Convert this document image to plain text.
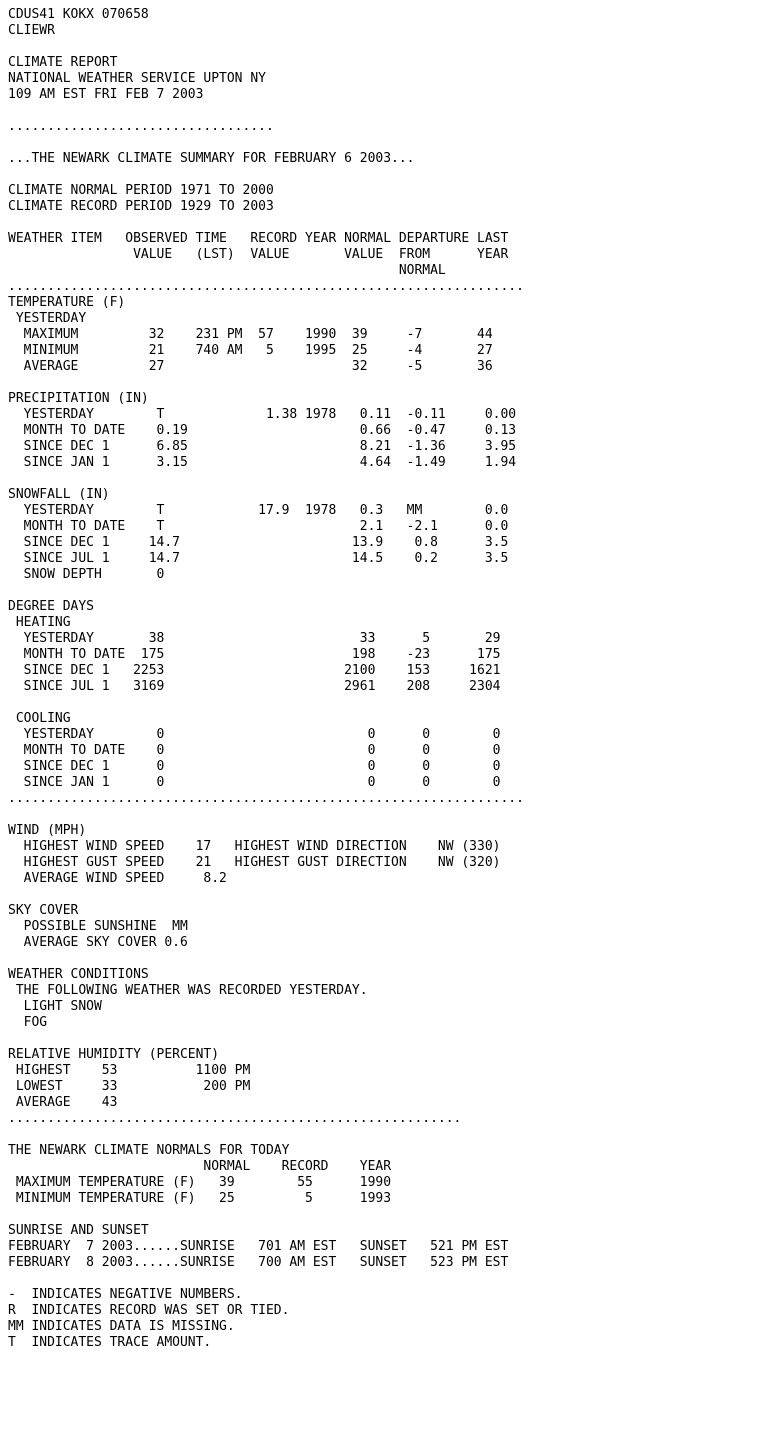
CDUS41 KOKX 070658
CLIEWR
CLIMATE REPORT
NATIONAL WEATHER SERVICE UPTON NY
109 AM EST FRI FEB 7 2003
..................................
...THE NEWARK CLIMATE SUMMARY FOR FEBRUARY 6 2003...
CLIMATE NORMAL PERIOD 1971 TO 2000
CLIMATE RECORD PERIOD 1929 TO 2003
WEATHER ITEM   OBSERVED TIME   RECORD YEAR NORMAL DEPARTURE LAST
VALUE   (LST)  VALUE       VALUE  FROM      YEAR
NORMAL
..................................................................
TEMPERATURE (F)
YESTERDAY
MAXIMUM         32    231 PM  57    1990  39     -7       44
MINIMUM         21    740 AM   5    1995  25     -4       27
AVERAGE         27                        32     -5       36
PRECIPITATION (IN)
YESTERDAY        T             1.38 1978   0.11  -0.11     0.00
MONTH TO DATE    0.19                      0.66  -0.47     0.13
SINCE DEC 1      6.85                      8.21  -1.36     3.95
SINCE JAN 1      3.15                      4.64  -1.49     1.94
SNOWFALL (IN)
YESTERDAY        T            17.9  1978   0.3   MM        0.0
MONTH TO DATE    T                         2.1   -2.1      0.0
SINCE DEC 1     14.7                      13.9    0.8      3.5
SINCE JUL 1     14.7                      14.5    0.2      3.5
SNOW DEPTH       0
DEGREE DAYS
HEATING
YESTERDAY       38                         33      5       29
MONTH TO DATE  175                        198    -23      175
SINCE DEC 1   2253                       2100    153     1621
SINCE JUL 1   3169                       2961    208     2304
COOLING
YESTERDAY        0                          0      0        0
MONTH TO DATE    0                          0      0        0
SINCE DEC 1      0                          0      0        0
SINCE JAN 1      0                          0      0        0
..................................................................
WIND (MPH)
HIGHEST WIND SPEED    17   HIGHEST WIND DIRECTION    NW (330)
HIGHEST GUST SPEED    21   HIGHEST GUST DIRECTION    NW (320)
AVERAGE WIND SPEED     8.2
SKY COVER
POSSIBLE SUNSHINE  MM
AVERAGE SKY COVER 0.6
WEATHER CONDITIONS
THE FOLLOWING WEATHER WAS RECORDED YESTERDAY.
LIGHT SNOW
FOG
RELATIVE HUMIDITY (PERCENT)
HIGHEST    53          1100 PM
LOWEST     33           200 PM
AVERAGE    43
..........................................................
THE NEWARK CLIMATE NORMALS FOR TODAY
NORMAL    RECORD    YEAR
MAXIMUM TEMPERATURE (F)   39        55      1990
MINIMUM TEMPERATURE (F)   25         5      1993
SUNRISE AND SUNSET
FEBRUARY  7 2003......SUNRISE   701 AM EST   SUNSET   521 PM EST
FEBRUARY  8 2003......SUNRISE   700 AM EST   SUNSET   523 PM EST
-  INDICATES NEGATIVE NUMBERS.
R  INDICATES RECORD WAS SET OR TIED.
MM INDICATES DATA IS MISSING.
T  INDICATES TRACE AMOUNT.
